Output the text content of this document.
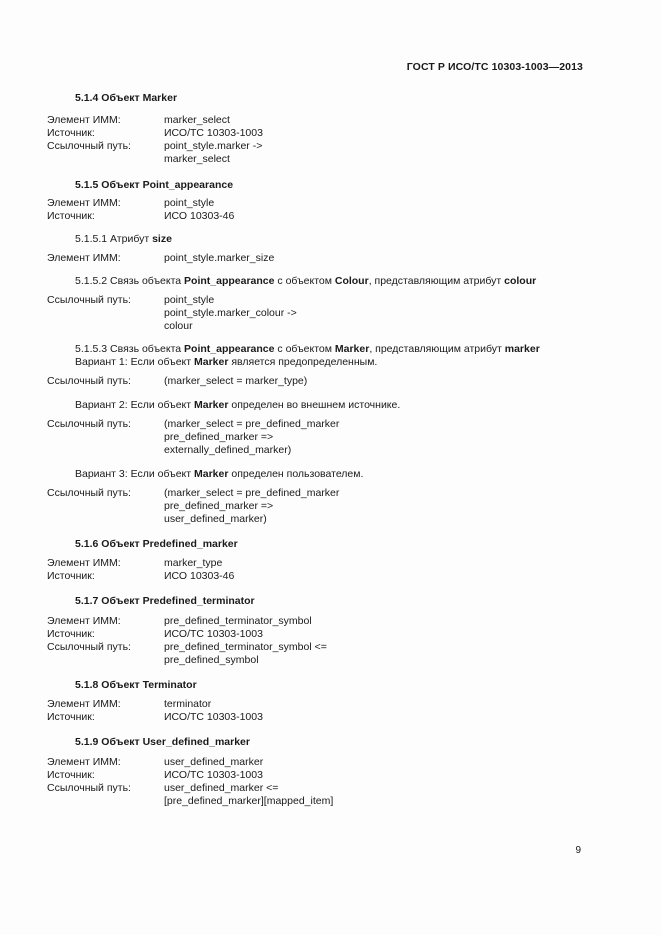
ГОСТ Р ИСО/ТС 10303-1003—2013
5.1.4 Объект Marker
Элемент ИММ:	marker_select
Источник:	ИСО/ТС 10303-1003
Ссылочный путь:	point_style.marker ->
marker_select
5.1.5 Объект Point_appearance
Элемент ИММ:	point_style
Источник:	ИСО 10303-46
5.1.5.1 Атрибут size
Элемент ИММ:	point_style.marker_size
5.1.5.2 Связь объекта Point_appearance с объектом Colour, представляющим атрибут colour
Ссылочный путь:	point_style
point_style.marker_colour ->
colour
5.1.5.3 Связь объекта Point_appearance с объектом Marker, представляющим атрибут marker
Вариант 1: Если объект Marker является предопределенным.
Ссылочный путь:	(marker_select = marker_type)
Вариант 2: Если объект Marker определен во внешнем источнике.
Ссылочный путь:	(marker_select = pre_defined_marker
pre_defined_marker =>
externally_defined_marker)
Вариант 3: Если объект Marker определен пользователем.
Ссылочный путь:	(marker_select = pre_defined_marker
pre_defined_marker =>
user_defined_marker)
5.1.6 Объект Predefined_marker
Элемент ИММ:	marker_type
Источник:	ИСО 10303-46
5.1.7 Объект Predefined_terminator
Элемент ИММ:	pre_defined_terminator_symbol
Источник:	ИСО/ТС 10303-1003
Ссылочный путь:	pre_defined_terminator_symbol <=
pre_defined_symbol
5.1.8 Объект Terminator
Элемент ИММ:	terminator
Источник:	ИСО/ТС 10303-1003
5.1.9 Объект User_defined_marker
Элемент ИММ:	user_defined_marker
Источник:	ИСО/ТС 10303-1003
Ссылочный путь:	user_defined_marker <=
[pre_defined_marker][mapped_item]
9
